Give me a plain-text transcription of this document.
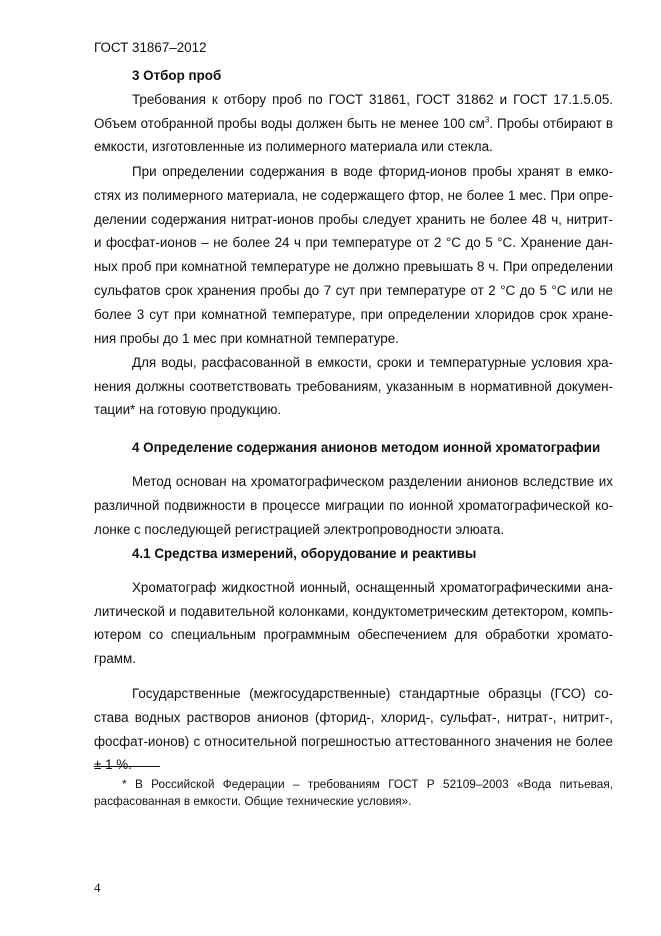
ГОСТ 31867–2012
3 Отбор проб
Требования к отбору проб по ГОСТ 31861, ГОСТ 31862 и ГОСТ 17.1.5.05.
Объем отобранной пробы воды должен быть не менее 100 $см^3$. Пробы отбирают в
емкости, изготовленные из полимерного материала или стекла.
При определении содержания в воде фторид-ионов пробы хранят в емко-
стях из полимерного материала, не содержащего фтор, не более 1 мес. При опре-
делении содержания нитрат-ионов пробы следует хранить не более 48 ч, нитрит-
и фосфат-ионов – не более 24 ч при температуре от 2 °С до 5 °С. Хранение дан-
ных проб при комнатной температуре не должно превышать 8 ч. При определении
сульфатов срок хранения пробы до 7 сут при температуре от 2 °С до 5 °С или не
более 3 сут при комнатной температуре, при определении хлоридов срок хране-
ния пробы до 1 мес при комнатной температуре.
Для воды, расфасованной в емкости, сроки и температурные условия хра-
нения должны соответствовать требованиям, указанным в нормативной докумен-
тации* на готовую продукцию.
4 Определение содержания анионов методом ионной хроматографии
Метод основан на хроматографическом разделении анионов вследствие их
различной подвижности в процессе миграции по ионной хроматографической ко-
лонке с последующей регистрацией электропроводности элюата.
4.1 Средства измерений, оборудование и реактивы
Хроматограф жидкостной ионный, оснащенный хроматографическими ана-
литической и подавительной колонками, кондуктометрическим детектором, компь-
ютером со специальным программным обеспечением для обработки хромато-
грамм.
Государственные (межгосударственные) стандартные образцы (ГСО) со-
става водных растворов анионов (фторид-, хлорид-, сульфат-, нитрат-, нитрит-,
фосфат-ионов) с относительной погрешностью аттестованного значения не более
± 1 %.
* В Российской Федерации – требованиям ГОСТ Р 52109–2003 «Вода питьевая,
расфасованная в емкости. Общие технические условия».
4
